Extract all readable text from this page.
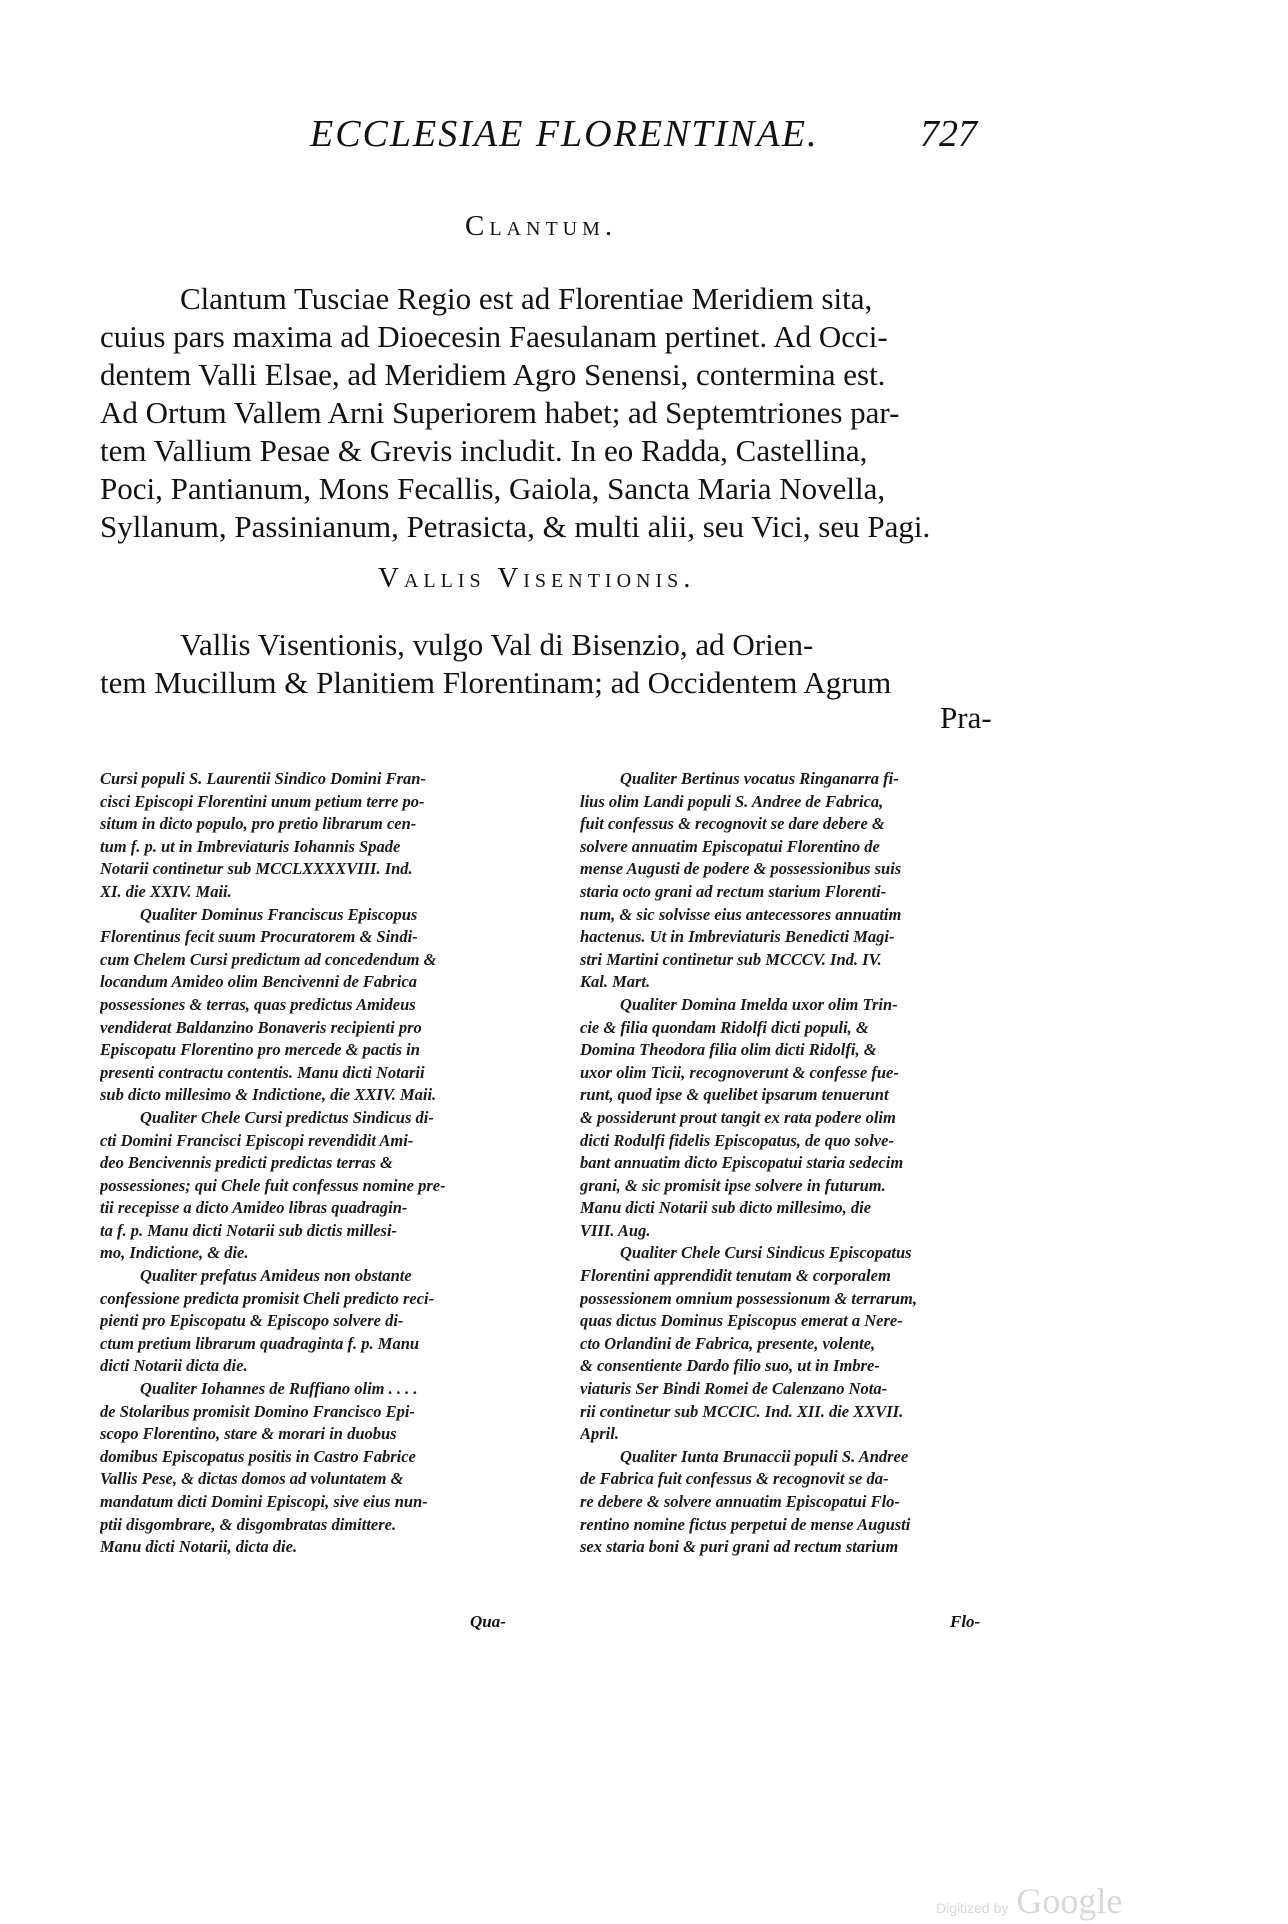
ECCLESIAE FLORENTINAE.	727
Clantum.
Clantum Tusciae Regio est ad Florentiae Meridiem sita,
cuius pars maxima ad Dioecesin Faesulanam pertinet. Ad Occi-
dentem Valli Elsae, ad Meridiem Agro Senensi, contermina est.
Ad Ortum Vallem Arni Superiorem habet; ad Septemtriones par-
tem Vallium Pesae & Grevis includit. In eo Radda, Castellina,
Poci, Pantianum, Mons Fecallis, Gaiola, Sancta Maria Novella,
Syllanum, Passinianum, Petrasicta, & multi alii, seu Vici, seu Pagi.
Vallis Visentionis.
Vallis Visentionis, vulgo Val di Bisenzio, ad Orien-
tem Mucillum & Planitiem Florentinam; ad Occidentem Agrum
Pra-
Cursi populi S. Laurentii Sindico Domini Fran-
cisci Episcopi Florentini unum petium terre po-
situm in dicto populo, pro pretio librarum cen-
tum f. p. ut in Imbreviaturis Iohannis Spade
Notarii continetur sub MCCLXXXXVIII. Ind.
XI. die XXIV. Maii.
Qualiter Dominus Franciscus Episcopus
Florentinus fecit suum Procuratorem & Sindi-
cum Chelem Cursi predictum ad concedendum &
locandum Amideo olim Bencivenni de Fabrica
possessiones & terras, quas predictus Amideus
vendiderat Baldanzino Bonaveris recipienti pro
Episcopatu Florentino pro mercede & pactis in
presenti contractu contentis. Manu dicti Notarii
sub dicto millesimo & Indictione, die XXIV. Maii.
Qualiter Chele Cursi predictus Sindicus di-
cti Domini Francisci Episcopi revendidit Ami-
deo Bencivennis predicti predictas terras &
possessiones; qui Chele fuit confessus nomine pre-
tii recepisse a dicto Amideo libras quadragin-
ta f. p. Manu dicti Notarii sub dictis millesi-
mo, Indictione, & die.
Qualiter prefatus Amideus non obstante
confessione predicta promisit Cheli predicto reci-
pienti pro Episcopatu & Episcopo solvere di-
ctum pretium librarum quadraginta f. p. Manu
dicti Notarii dicta die.
Qualiter Iohannes de Ruffiano olim . . . .
de Stolaribus promisit Domino Francisco Epi-
scopo Florentino, stare & morari in duobus
domibus Episcopatus positis in Castro Fabrice
Vallis Pese, & dictas domos ad voluntatem &
mandatum dicti Domini Episcopi, sive eius nun-
ptii disgombrare, & disgombratas dimittere.
Manu dicti Notarii, dicta die.
Qua-
Qualiter Bertinus vocatus Ringanarra fi-
lius olim Landi populi S. Andree de Fabrica,
fuit confessus & recognovit se dare debere &
solvere annuatim Episcopatui Florentino de
mense Augusti de podere & possessionibus suis
staria octo grani ad rectum starium Florenti-
num, & sic solvisse eius antecessores annuatim
hactenus. Ut in Imbreviaturis Benedicti Magi-
stri Martini continetur sub MCCCV. Ind. IV.
Kal. Mart.
Qualiter Domina Imelda uxor olim Trin-
cie & filia quondam Ridolfi dicti populi, &
Domina Theodora filia olim dicti Ridolfi, &
uxor olim Ticii, recognoverunt & confesse fue-
runt, quod ipse & quelibet ipsarum tenuerunt
& possiderunt prout tangit ex rata podere olim
dicti Rodulfi fidelis Episcopatus, de quo solve-
bant annuatim dicto Episcopatui staria sedecim
grani, & sic promisit ipse solvere in futurum.
Manu dicti Notarii sub dicto millesimo, die
VIII. Aug.
Qualiter Chele Cursi Sindicus Episcopatus
Florentini apprendidit tenutam & corporalem
possessionem omnium possessionum & terrarum,
quas dictus Dominus Episcopus emerat a Nere-
cto Orlandini de Fabrica, presente, volente,
& consentiente Dardo filio suo, ut in Imbre-
viaturis Ser Bindi Romei de Calenzano Nota-
rii continetur sub MCCIC. Ind. XII. die XXVII.
April.
Qualiter Iunta Brunaccii populi S. Andree
de Fabrica fuit confessus & recognovit se da-
re debere & solvere annuatim Episcopatui Flo-
rentino nomine fictus perpetui de mense Augusti
sex staria boni & puri grani ad rectum starium
Flo-
Digitized by Google
